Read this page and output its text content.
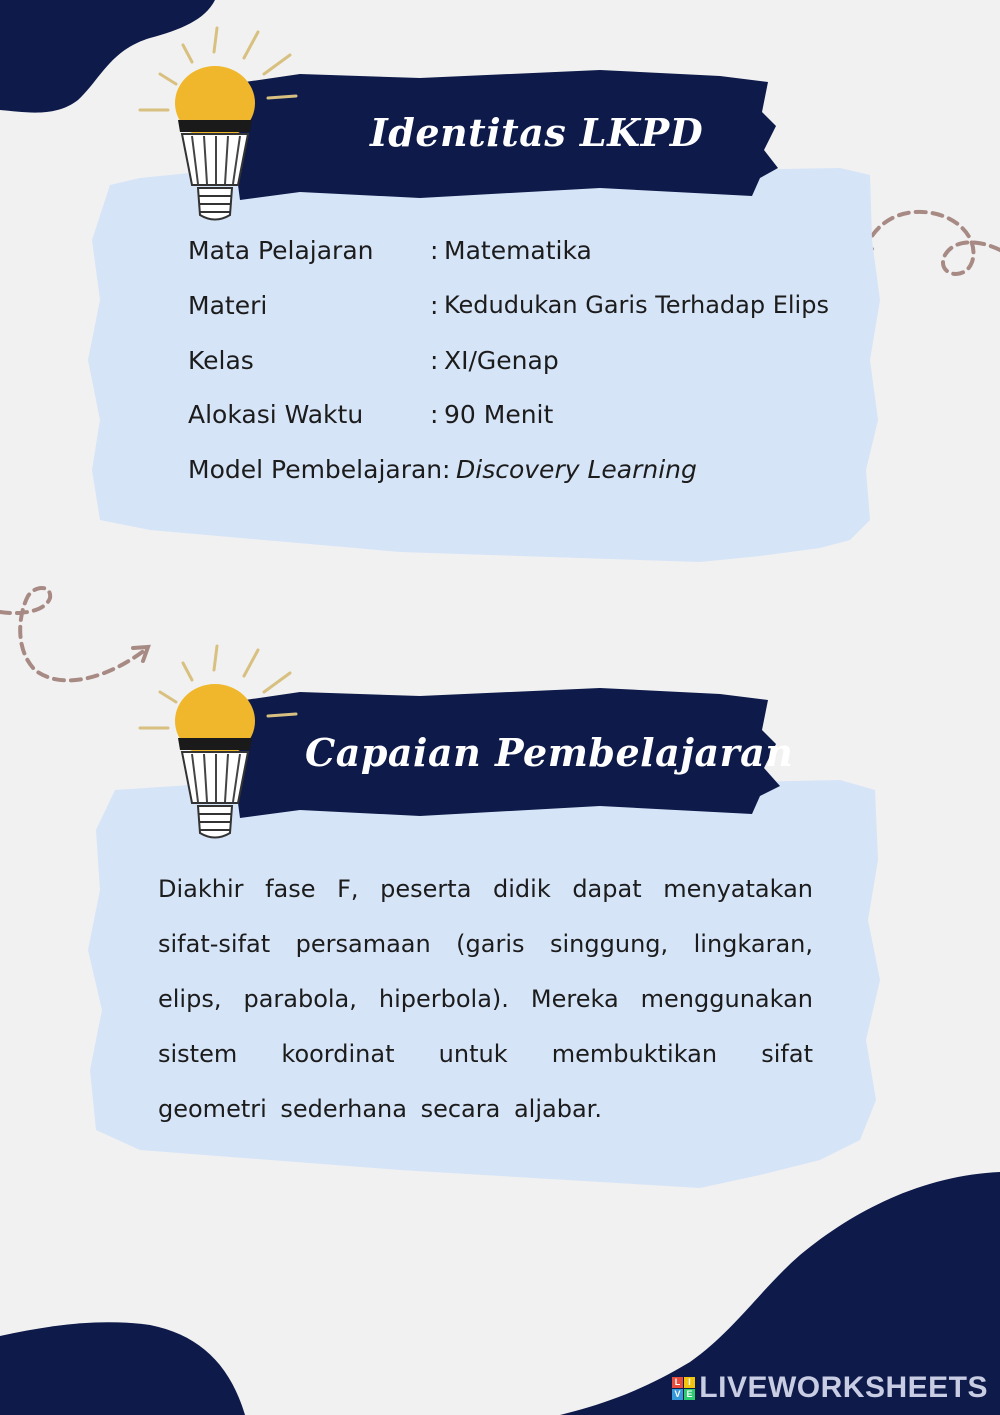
Identitas LKPD
Mata Pelajaran : Matematika
Materi	: Kedudukan Garis Terhadap Elips
Kelas	: XI/Genap
Alokasi Waktu	: 90 Menit
Model Pembelajaran : Discovery Learning
Capaian Pembelajaran
Diakhir fase F, peserta didik dapat menyatakan sifat-sifat persamaan (garis singgung, lingkaran, elips, parabola, hiperbola). Mereka menggunakan sistem koordinat untuk membuktikan sifat geometri sederhana secara aljabar.
L I
V E LIVEWORKSHEETS
